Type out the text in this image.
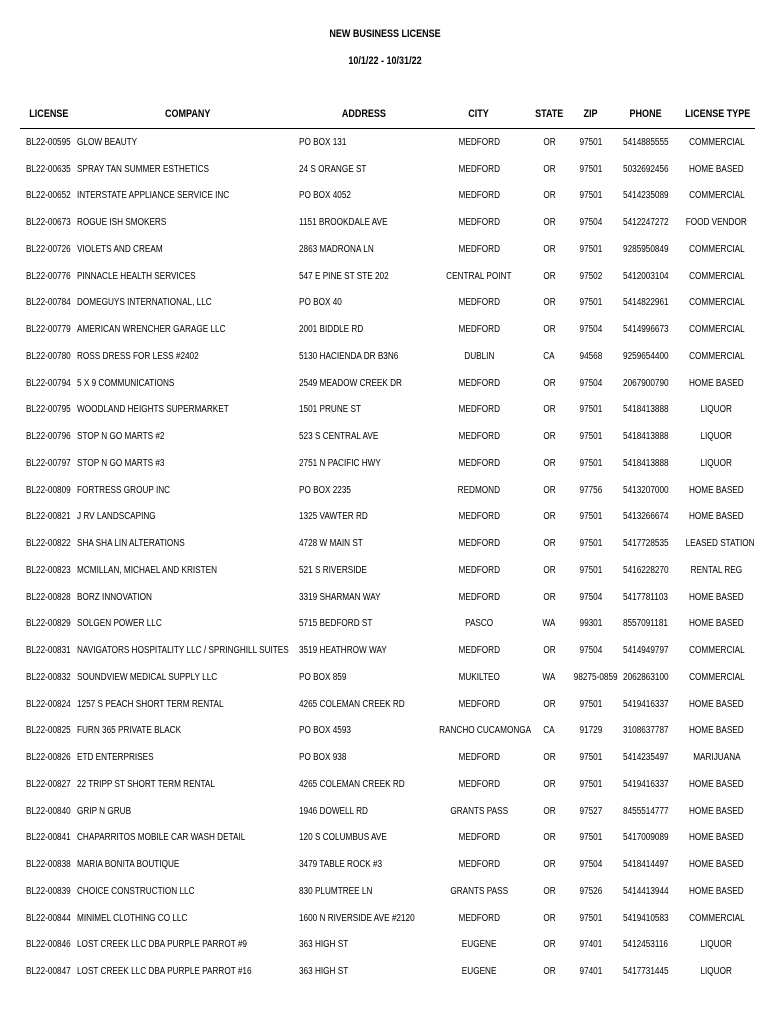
NEW BUSINESS LICENSE
10/1/22 - 10/31/22
LICENSE	COMPANY	ADDRESS	CITY	STATE	ZIP	PHONE	LICENSE TYPE
BL22-00595	GLOW BEAUTY	PO BOX 131	MEDFORD	OR	97501	5414885555	COMMERCIAL
BL22-00635	SPRAY TAN SUMMER ESTHETICS	24 S ORANGE ST	MEDFORD	OR	97501	5032692456	HOME BASED
BL22-00652	INTERSTATE APPLIANCE SERVICE INC	PO BOX 4052	MEDFORD	OR	97501	5414235089	COMMERCIAL
BL22-00673	ROGUE ISH SMOKERS	1151 BROOKDALE AVE	MEDFORD	OR	97504	5412247272	FOOD VENDOR
BL22-00726	VIOLETS AND CREAM	2863 MADRONA LN	MEDFORD	OR	97501	9285950849	COMMERCIAL
BL22-00776	PINNACLE HEALTH SERVICES	547 E PINE ST STE 202	CENTRAL POINT	OR	97502	5412003104	COMMERCIAL
BL22-00784	DOMEGUYS INTERNATIONAL, LLC	PO BOX 40	MEDFORD	OR	97501	5414822961	COMMERCIAL
BL22-00779	AMERICAN WRENCHER GARAGE LLC	2001 BIDDLE RD	MEDFORD	OR	97504	5414996673	COMMERCIAL
BL22-00780	ROSS DRESS FOR LESS #2402	5130 HACIENDA DR B3N6	DUBLIN	CA	94568	9259654400	COMMERCIAL
BL22-00794	5 X 9 COMMUNICATIONS	2549 MEADOW CREEK DR	MEDFORD	OR	97504	2067900790	HOME BASED
BL22-00795	WOODLAND HEIGHTS SUPERMARKET	1501 PRUNE ST	MEDFORD	OR	97501	5418413888	LIQUOR
BL22-00796	STOP N GO MARTS #2	523 S CENTRAL AVE	MEDFORD	OR	97501	5418413888	LIQUOR
BL22-00797	STOP N GO MARTS #3	2751 N PACIFIC HWY	MEDFORD	OR	97501	5418413888	LIQUOR
BL22-00809	FORTRESS GROUP INC	PO BOX 2235	REDMOND	OR	97756	5413207000	HOME BASED
BL22-00821	J RV LANDSCAPING	1325 VAWTER RD	MEDFORD	OR	97501	5413266674	HOME BASED
BL22-00822	SHA SHA LIN ALTERATIONS	4728 W MAIN ST	MEDFORD	OR	97501	5417728535	LEASED STATION
BL22-00823	MCMILLAN, MICHAEL AND KRISTEN	521 S RIVERSIDE	MEDFORD	OR	97501	5416228270	RENTAL REG
BL22-00828	BORZ INNOVATION	3319 SHARMAN WAY	MEDFORD	OR	97504	5417781103	HOME BASED
BL22-00829	SOLGEN POWER LLC	5715 BEDFORD ST	PASCO	WA	99301	8557091181	HOME BASED
BL22-00831	NAVIGATORS HOSPITALITY LLC / SPRINGHILL SUITES	3519 HEATHROW WAY	MEDFORD	OR	97504	5414949797	COMMERCIAL
BL22-00832	SOUNDVIEW MEDICAL SUPPLY LLC	PO BOX 859	MUKILTEO	WA	98275-0859	2062863100	COMMERCIAL
BL22-00824	1257 S PEACH SHORT TERM RENTAL	4265 COLEMAN CREEK RD	MEDFORD	OR	97501	5419416337	HOME BASED
BL22-00825	FURN 365 PRIVATE BLACK	PO BOX 4593	RANCHO CUCAMONGA	CA	91729	3108637787	HOME BASED
BL22-00826	ETD ENTERPRISES	PO BOX 938	MEDFORD	OR	97501	5414235497	MARIJUANA
BL22-00827	22 TRIPP ST SHORT TERM RENTAL	4265 COLEMAN CREEK RD	MEDFORD	OR	97501	5419416337	HOME BASED
BL22-00840	GRIP N GRUB	1946 DOWELL RD	GRANTS PASS	OR	97527	8455514777	HOME BASED
BL22-00841	CHAPARRITOS MOBILE CAR WASH DETAIL	120 S COLUMBUS AVE	MEDFORD	OR	97501	5417009089	HOME BASED
BL22-00838	MARIA BONITA BOUTIQUE	3479 TABLE ROCK #3	MEDFORD	OR	97504	5418414497	HOME BASED
BL22-00839	CHOICE CONSTRUCTION LLC	830 PLUMTREE LN	GRANTS PASS	OR	97526	5414413944	HOME BASED
BL22-00844	MINIMEL CLOTHING CO LLC	1600 N RIVERSIDE AVE #2120	MEDFORD	OR	97501	5419410583	COMMERCIAL
BL22-00846	LOST CREEK LLC DBA PURPLE PARROT #9	363 HIGH ST	EUGENE	OR	97401	5412453116	LIQUOR
BL22-00847	LOST CREEK LLC DBA PURPLE PARROT #16	363 HIGH ST	EUGENE	OR	97401	5417731445	LIQUOR
